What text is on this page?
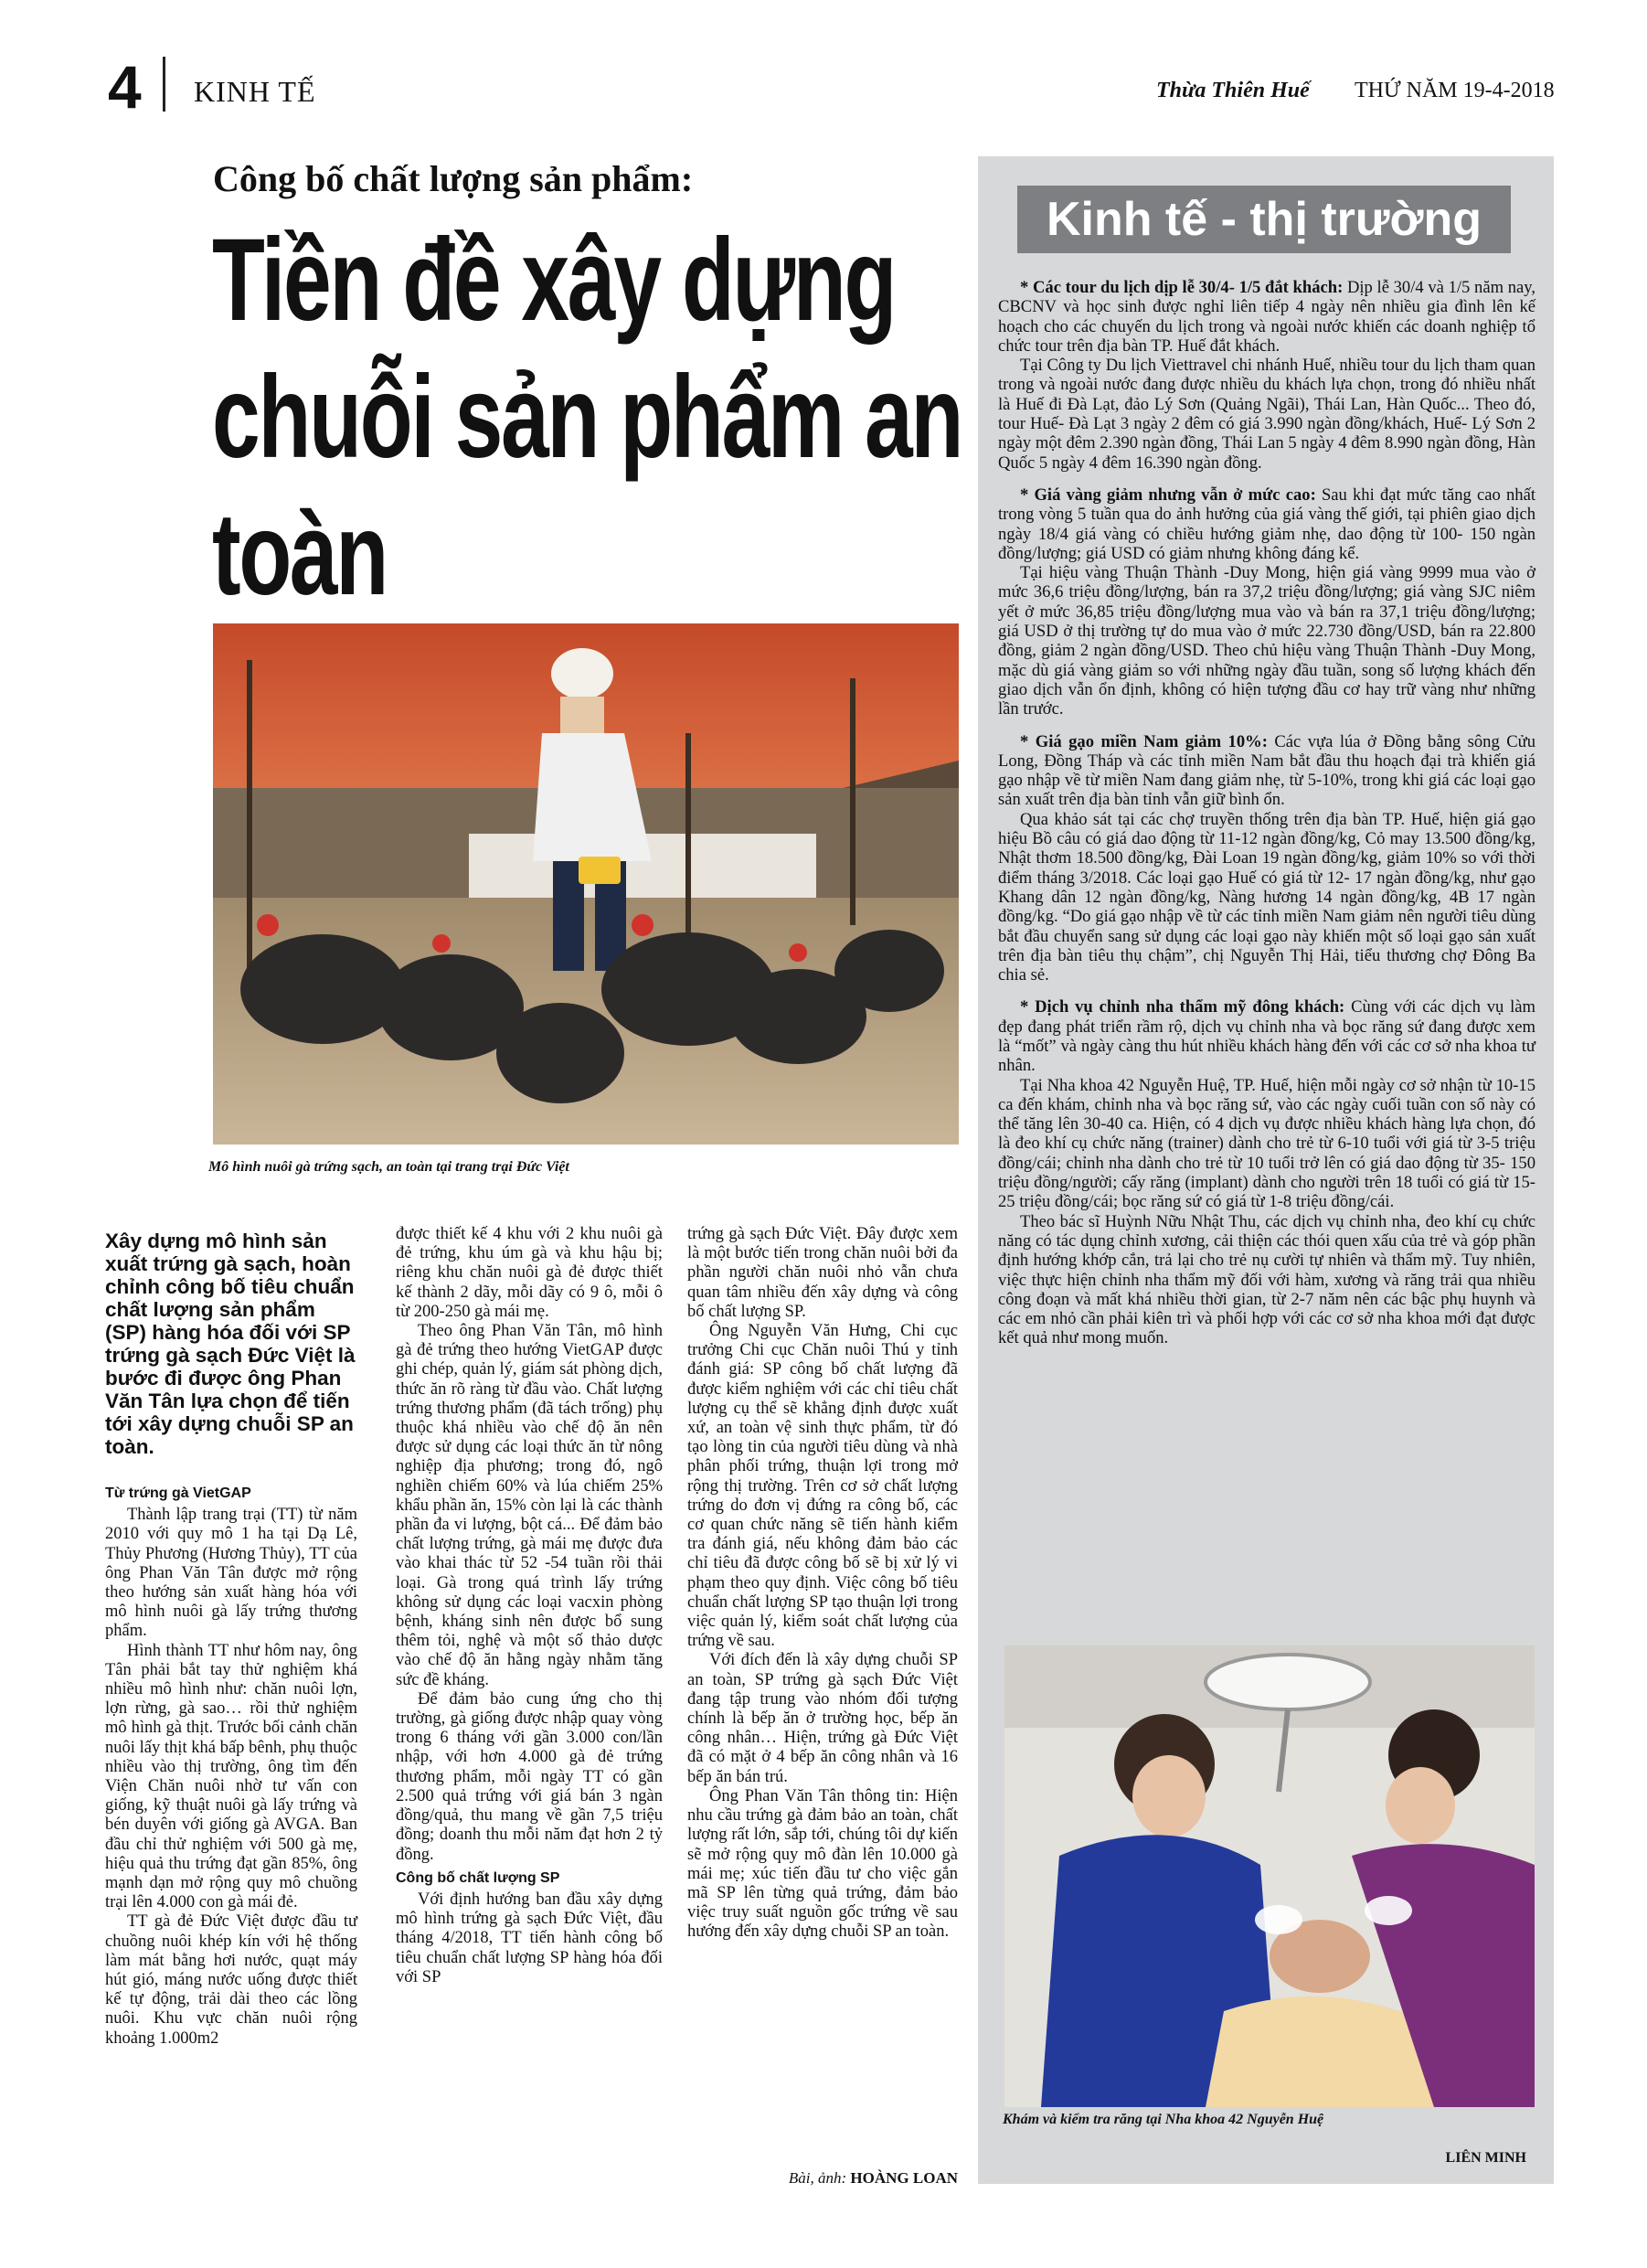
4 KINH TẾ	Thừa Thiên Huế THỨ NĂM 19-4-2018
Công bố chất lượng sản phẩm:
Tiền đề xây dựng
chuỗi sản phẩm an toàn
Mô hình nuôi gà trứng sạch, an toàn tại trang trại Đức Việt
Xây dựng mô hình sản xuất trứng gà sạch, hoàn chỉnh công bố tiêu chuẩn chất lượng sản phẩm (SP) hàng hóa đối với SP trứng gà sạch Đức Việt là bước đi được ông Phan Văn Tân lựa chọn để tiến tới xây dựng chuỗi SP an toàn.
Từ trứng gà VietGAP

Thành lập trang trại (TT) từ năm 2010 với quy mô 1 ha tại Dạ Lê, Thủy Phương (Hương Thủy), TT của ông Phan Văn Tân được mở rộng theo hướng sản xuất hàng hóa với mô hình nuôi gà lấy trứng thương phẩm.

Hình thành TT như hôm nay, ông Tân phải bắt tay thử nghiệm khá nhiều mô hình như: chăn nuôi lợn, lợn rừng, gà sao… rồi thử nghiệm mô hình gà thịt. Trước bối cảnh chăn nuôi lấy thịt khá bấp bênh, phụ thuộc nhiều vào thị trường, ông tìm đến Viện Chăn nuôi nhờ tư vấn con giống, kỹ thuật nuôi gà lấy trứng và bén duyên với giống gà AVGA. Ban đầu chỉ thử nghiệm với 500 gà mẹ, hiệu quả thu trứng đạt gần 85%, ông mạnh dạn mở rộng quy mô chuồng trại lên 4.000 con gà mái đẻ.

TT gà đẻ Đức Việt được đầu tư chuồng nuôi khép kín với hệ thống làm mát bằng hơi nước, quạt máy hút gió, máng nước uống được thiết kế tự động, trải dài theo các lồng nuôi. Khu vực chăn nuôi rộng khoảng 1.000m2

được thiết kế 4 khu với 2 khu nuôi gà đẻ trứng, khu úm gà và khu hậu bị; riêng khu chăn nuôi gà đẻ được thiết kế thành 2 dãy, mỗi dãy có 9 ô, mỗi ô từ 200-250 gà mái mẹ.

Theo ông Phan Văn Tân, mô hình gà đẻ trứng theo hướng VietGAP được ghi chép, quản lý, giám sát phòng dịch, thức ăn rõ ràng từ đầu vào. Chất lượng trứng thương phẩm (đã tách trống) phụ thuộc khá nhiều vào chế độ ăn nên được sử dụng các loại thức ăn từ nông nghiệp địa phương; trong đó, ngô nghiền chiếm 60% và lúa chiếm 25% khẩu phần ăn, 15% còn lại là các thành phần đa vi lượng, bột cá... Để đảm bảo chất lượng trứng, gà mái mẹ được đưa vào khai thác từ 52 -54 tuần rồi thải loại. Gà trong quá trình lấy trứng không sử dụng các loại vacxin phòng bệnh, kháng sinh nên được bổ sung thêm tỏi, nghệ và một số thảo dược vào chế độ ăn hằng ngày nhằm tăng sức đề kháng.

Để đảm bảo cung ứng cho thị trường, gà giống được nhập quay vòng trong 6 tháng với gần 3.000 con/lần nhập, với hơn 4.000 gà đẻ trứng thương phẩm, mỗi ngày TT có gần 2.500 quả trứng với giá bán 3 ngàn đồng/quả, thu mang về gần 7,5 triệu đồng; doanh thu mỗi năm đạt hơn 2 tỷ đồng.

Công bố chất lượng SP

Với định hướng ban đầu xây dựng mô hình trứng gà sạch Đức Việt, đầu tháng 4/2018, TT tiến hành công bố tiêu chuẩn chất lượng SP hàng hóa đối với SP

trứng gà sạch Đức Việt. Đây được xem là một bước tiến trong chăn nuôi bởi đa phần người chăn nuôi nhỏ vẫn chưa quan tâm nhiều đến xây dựng và công bố chất lượng SP.

Ông Nguyễn Văn Hưng, Chi cục trưởng Chi cục Chăn nuôi Thú y tỉnh đánh giá: SP công bố chất lượng đã được kiểm nghiệm với các chỉ tiêu chất lượng cụ thể sẽ khẳng định được xuất xứ, an toàn vệ sinh thực phẩm, từ đó tạo lòng tin của người tiêu dùng và nhà phân phối trứng, thuận lợi trong mở rộng thị trường. Trên cơ sở chất lượng trứng do đơn vị đứng ra công bố, các cơ quan chức năng sẽ tiến hành kiểm tra đánh giá, nếu không đảm bảo các chỉ tiêu đã được công bố sẽ bị xử lý vi phạm theo quy định. Việc công bố tiêu chuẩn chất lượng SP tạo thuận lợi trong việc quản lý, kiểm soát chất lượng của trứng về sau.

Với đích đến là xây dựng chuỗi SP an toàn, SP trứng gà sạch Đức Việt đang tập trung vào nhóm đối tượng chính là bếp ăn ở trường học, bếp ăn công nhân… Hiện, trứng gà Đức Việt đã có mặt ở 4 bếp ăn công nhân và 16 bếp ăn bán trú.

Ông Phan Văn Tân thông tin: Hiện nhu cầu trứng gà đảm bảo an toàn, chất lượng rất lớn, sắp tới, chúng tôi dự kiến sẽ mở rộng quy mô đàn lên 10.000 gà mái mẹ; xúc tiến đầu tư cho việc gắn mã SP lên từng quả trứng, đảm bảo việc truy suất nguồn gốc trứng về sau hướng đến xây dựng chuỗi SP an toàn.

Bài, ảnh: HOÀNG LOAN
Kinh tế - thị trường

* Các tour du lịch dịp lễ 30/4- 1/5 đắt khách: Dịp lễ 30/4 và 1/5 năm nay, CBCNV và học sinh được nghỉ liên tiếp 4 ngày nên nhiều gia đình lên kế hoạch cho các chuyến du lịch trong và ngoài nước khiến các doanh nghiệp tổ chức tour trên địa bàn TP. Huế đắt khách.

Tại Công ty Du lịch Viettravel chi nhánh Huế, nhiều tour du lịch tham quan trong và ngoài nước đang được nhiều du khách lựa chọn, trong đó nhiều nhất là Huế đi Đà Lạt, đảo Lý Sơn (Quảng Ngãi), Thái Lan, Hàn Quốc... Theo đó, tour Huế- Đà Lạt 3 ngày 2 đêm có giá 3.990 ngàn đồng/khách, Huế- Lý Sơn 2 ngày một đêm 2.390 ngàn đồng, Thái Lan 5 ngày 4 đêm 8.990 ngàn đồng, Hàn Quốc 5 ngày 4 đêm 16.390 ngàn đồng.

* Giá vàng giảm nhưng vẫn ở mức cao: Sau khi đạt mức tăng cao nhất trong vòng 5 tuần qua do ảnh hưởng của giá vàng thế giới, tại phiên giao dịch ngày 18/4 giá vàng có chiều hướng giảm nhẹ, dao động từ 100- 150 ngàn đồng/lượng; giá USD có giảm nhưng không đáng kể.

Tại hiệu vàng Thuận Thành -Duy Mong, hiện giá vàng 9999 mua vào ở mức 36,6 triệu đồng/lượng, bán ra 37,2 triệu đồng/lượng; giá vàng SJC niêm yết ở mức 36,85 triệu đồng/lượng mua vào và bán ra 37,1 triệu đồng/lượng; giá USD ở thị trường tự do mua vào ở mức 22.730 đồng/USD, bán ra 22.800 đồng, giảm 2 ngàn đồng/USD. Theo chủ hiệu vàng Thuận Thành -Duy Mong, mặc dù giá vàng giảm so với những ngày đầu tuần, song số lượng khách đến giao dịch vẫn ổn định, không có hiện tượng đầu cơ hay trữ vàng như những lần trước.

* Giá gạo miền Nam giảm 10%: Các vựa lúa ở Đồng bằng sông Cửu Long, Đồng Tháp và các tỉnh miền Nam bắt đầu thu hoạch đại trà khiến giá gạo nhập về từ miền Nam đang giảm nhẹ, từ 5-10%, trong khi giá các loại gạo sản xuất trên địa bàn tỉnh vẫn giữ bình ổn.

Qua khảo sát tại các chợ truyền thống trên địa bàn TP. Huế, hiện giá gạo hiệu Bồ câu có giá dao động từ 11-12 ngàn đồng/kg, Cỏ may 13.500 đồng/kg, Nhật thơm 18.500 đồng/kg, Đài Loan 19 ngàn đồng/kg, giảm 10% so với thời điểm tháng 3/2018. Các loại gạo Huế có giá từ 12- 17 ngàn đồng/kg, như gạo Khang dân 12 ngàn đồng/kg, Nàng hương 14 ngàn đồng/kg, 4B 17 ngàn đồng/kg. “Do giá gạo nhập về từ các tỉnh miền Nam giảm nên người tiêu dùng bắt đầu chuyển sang sử dụng các loại gạo này khiến một số loại gạo sản xuất trên địa bàn tiêu thụ chậm”, chị Nguyễn Thị Hải, tiểu thương chợ Đông Ba chia sẻ.

* Dịch vụ chỉnh nha thẩm mỹ đông khách: Cùng với các dịch vụ làm đẹp đang phát triển rầm rộ, dịch vụ chỉnh nha và bọc răng sứ đang được xem là “mốt” và ngày càng thu hút nhiều khách hàng đến với các cơ sở nha khoa tư nhân.

Tại Nha khoa 42 Nguyễn Huệ, TP. Huế, hiện mỗi ngày cơ sở nhận từ 10-15 ca đến khám, chỉnh nha và bọc răng sứ, vào các ngày cuối tuần con số này có thể tăng lên 30-40 ca. Hiện, có 4 dịch vụ được nhiều khách hàng lựa chọn, đó là đeo khí cụ chức năng (trainer) dành cho trẻ từ 6-10 tuổi với giá từ 3-5 triệu đồng/cái; chỉnh nha dành cho trẻ từ 10 tuổi trở lên có giá dao động từ 35- 150 triệu đồng/người; cấy răng (implant) dành cho người trên 18 tuổi có giá từ 15-25 triệu đồng/cái; bọc răng sứ có giá từ 1-8 triệu đồng/cái.

Theo bác sĩ Huỳnh Nữu Nhật Thu, các dịch vụ chỉnh nha, đeo khí cụ chức năng có tác dụng chỉnh xương, cải thiện các thói quen xấu của trẻ và góp phần định hướng khớp cắn, trả lại cho trẻ nụ cười tự nhiên và thẩm mỹ. Tuy nhiên, việc thực hiện chỉnh nha thẩm mỹ đối với hàm, xương và răng trải qua nhiều công đoạn và mất khá nhiều thời gian, từ 2-7 năm nên các bậc phụ huynh và các em nhỏ cần phải kiên trì và phối hợp với các cơ sở nha khoa mới đạt được kết quả như mong muốn.

Khám và kiểm tra răng tại Nha khoa 42 Nguyễn Huệ
LIÊN MINH
